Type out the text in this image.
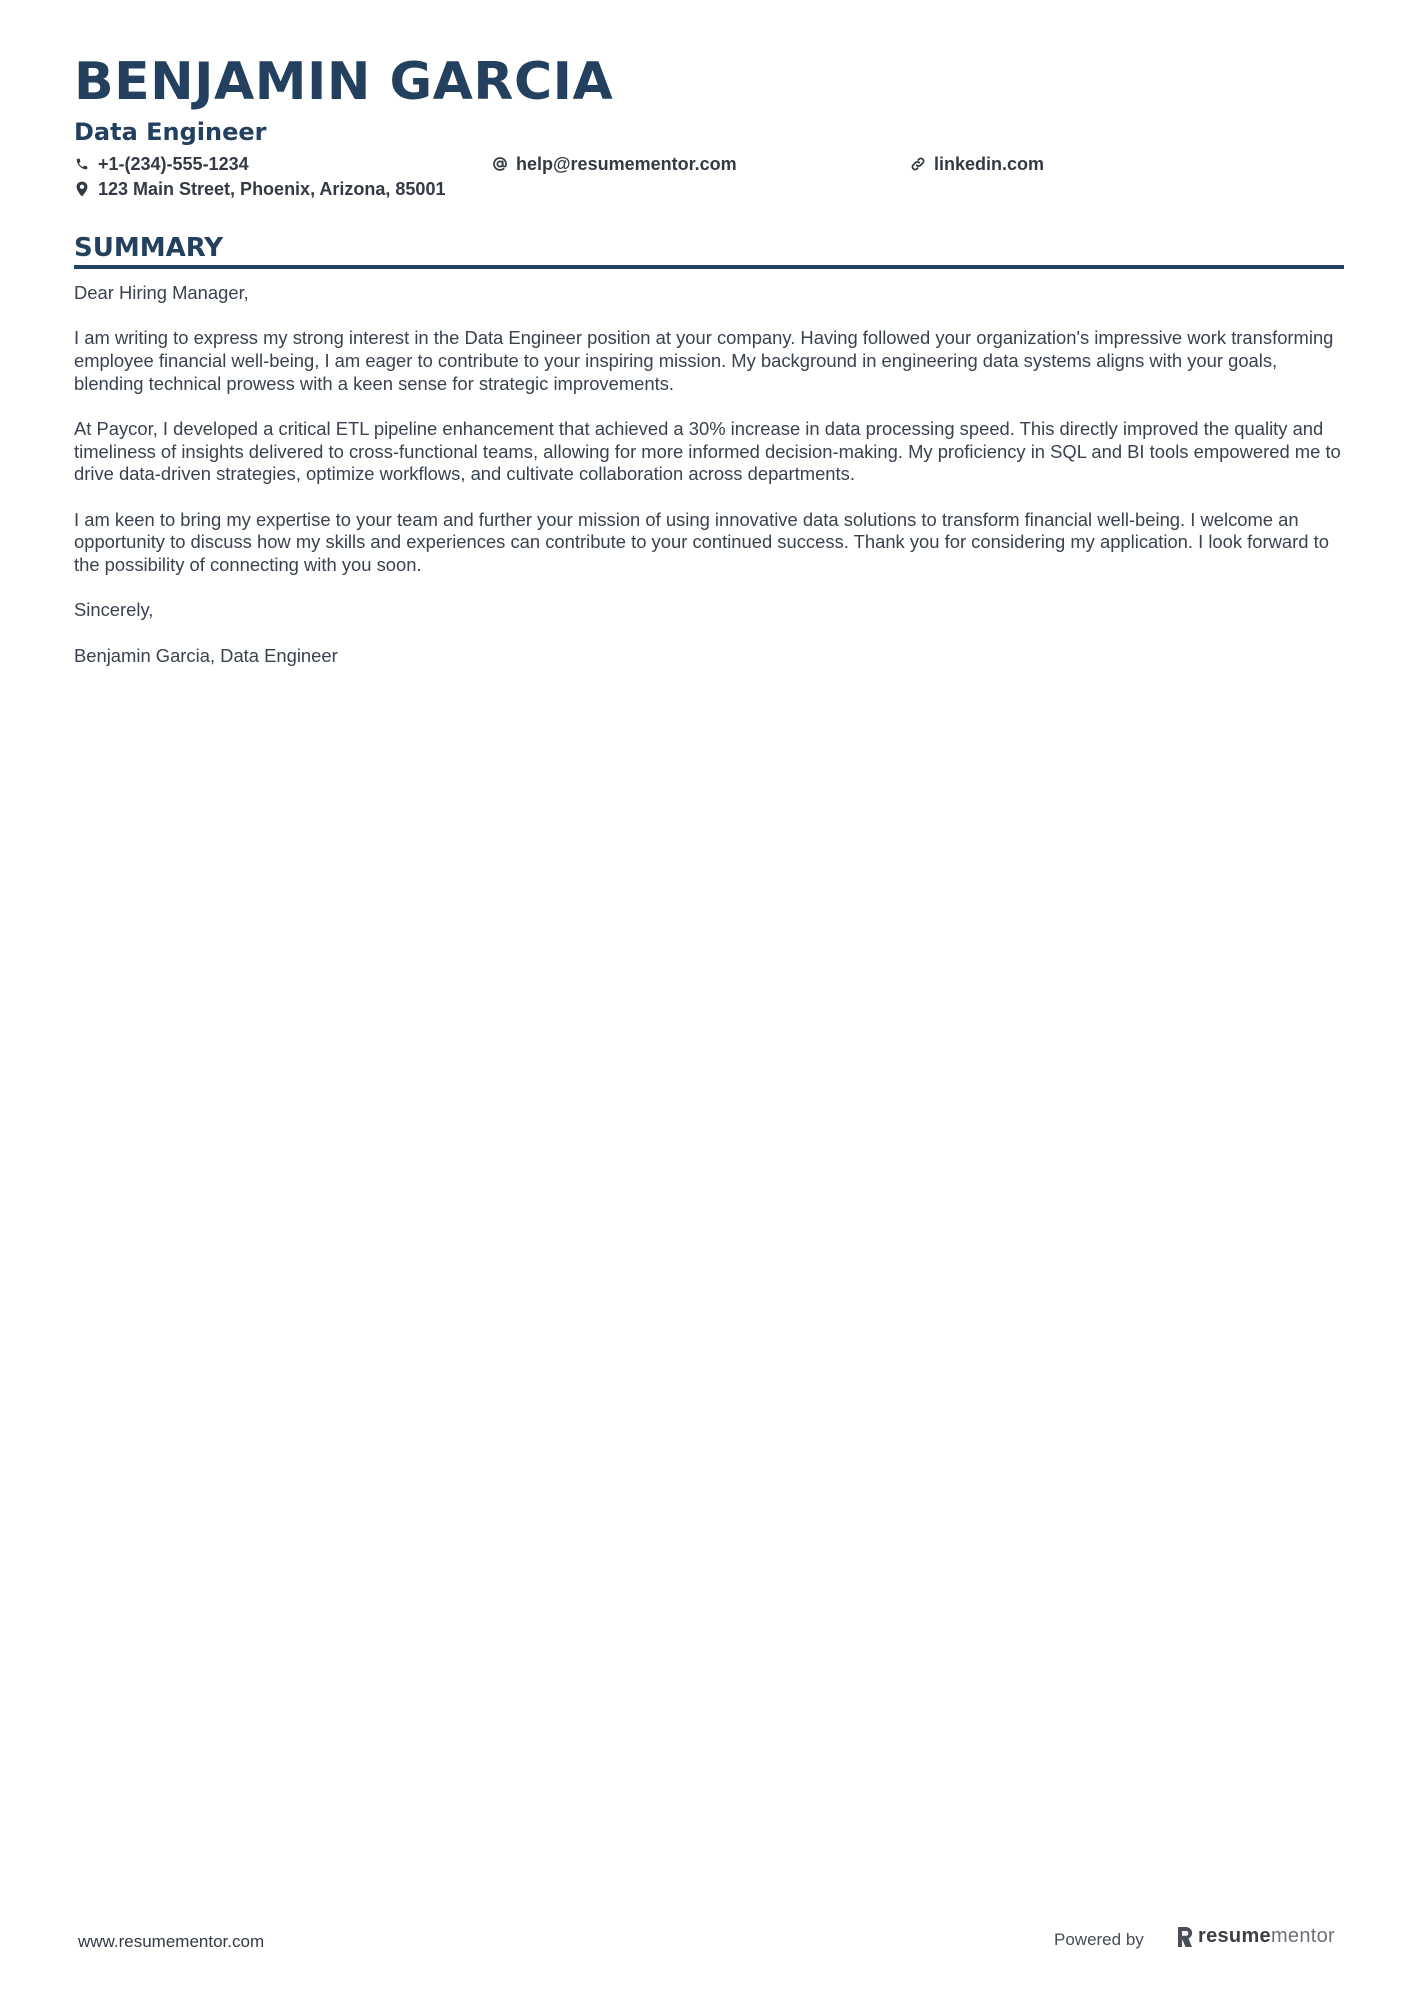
BENJAMIN GARCIA
Data Engineer
+1-(234)-555-1234	help@resumementor.com	linkedin.com
123 Main Street, Phoenix, Arizona, 85001
SUMMARY

Dear Hiring Manager,

I am writing to express my strong interest in the Data Engineer position at your company. Having followed your organization's impressive work transforming employee financial well-being, I am eager to contribute to your inspiring mission. My background in engineering data systems aligns with your goals, blending technical prowess with a keen sense for strategic improvements.

At Paycor, I developed a critical ETL pipeline enhancement that achieved a 30% increase in data processing speed. This directly improved the quality and timeliness of insights delivered to cross-functional teams, allowing for more informed decision-making. My proficiency in SQL and BI tools empowered me to drive data-driven strategies, optimize workflows, and cultivate collaboration across departments.

I am keen to bring my expertise to your team and further your mission of using innovative data solutions to transform financial well-being. I welcome an opportunity to discuss how my skills and experiences can contribute to your continued success. Thank you for considering my application. I look forward to the possibility of connecting with you soon.

Sincerely,

Benjamin Garcia, Data Engineer

www.resumementor.com	Powered by	resumementor
